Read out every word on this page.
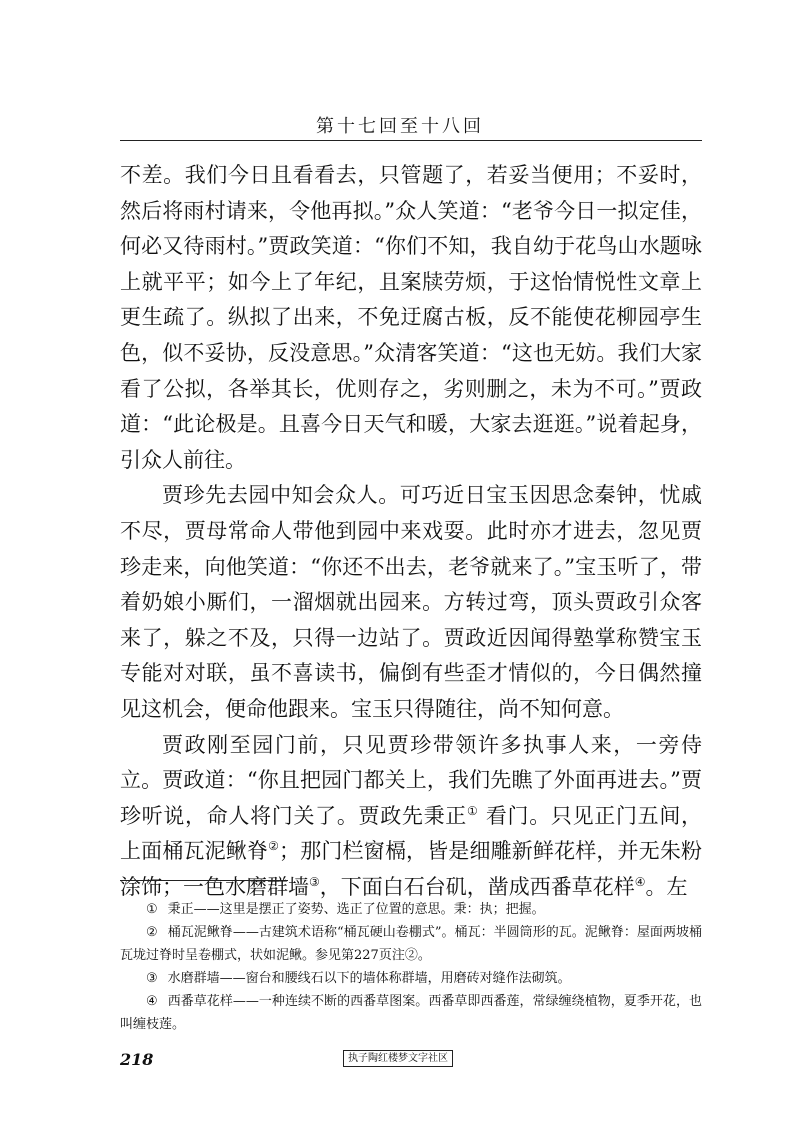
第十七回至十八回

不差。我们今日且看看去，只管题了，若妥当便用；不妥时，然后将雨村请来，令他再拟。”众人笑道：“老爷今日一拟定佳，何必又待雨村。”贾政笑道：“你们不知，我自幼于花鸟山水题咏上就平平；如今上了年纪，且案牍劳烦，于这怡情悦性文章上更生疏了。纵拟了出来，不免迂腐古板，反不能使花柳园亭生色，似不妥协，反没意思。”众清客笑道：“这也无妨。我们大家看了公拟，各举其长，优则存之，劣则删之，未为不可。”贾政道：“此论极是。且喜今日天气和暖，大家去逛逛。”说着起身，引众人前往。

贾珍先去园中知会众人。可巧近日宝玉因思念秦钟，忧戚不尽，贾母常命人带他到园中来戏耍。此时亦才进去，忽见贾珍走来，向他笑道：“你还不出去，老爷就来了。”宝玉听了，带着奶娘小厮们，一溜烟就出园来。方转过弯，顶头贾政引众客来了，躲之不及，只得一边站了。贾政近因闻得塾掌称赞宝玉专能对对联，虽不喜读书，偏倒有些歪才情似的，今日偶然撞见这机会，便命他跟来。宝玉只得随往，尚不知何意。

贾政刚至园门前，只见贾珍带领许多执事人来，一旁侍立。贾政道：“你且把园门都关上，我们先瞧了外面再进去。”贾珍听说，命人将门关了。贾政先秉正① 看门。只见正门五间，上面桶瓦泥鳅脊②；那门栏窗槅，皆是细雕新鲜花样，并无朱粉涂饰；一色水磨群墙③，下面白石台矶，凿成西番草花样④。左

① 秉正——这里是摆正了姿势、选正了位置的意思。秉：执；把握。

② 桶瓦泥鳅脊——古建筑术语称“桶瓦硬山卷棚式”。桶瓦：半圆筒形的瓦。泥鳅脊：屋面两坡桶瓦垅过脊时呈卷棚式，状如泥鳅。参见第227页注②。

③ 水磨群墙——窗台和腰线石以下的墙体称群墙，用磨砖对缝作法砌筑。

④ 西番草花样——一种连续不断的西番草图案。西番草即西番莲，常绿缠绕植物，夏季开花，也叫缠枝莲。

218	执子陶红楼梦文字社区
